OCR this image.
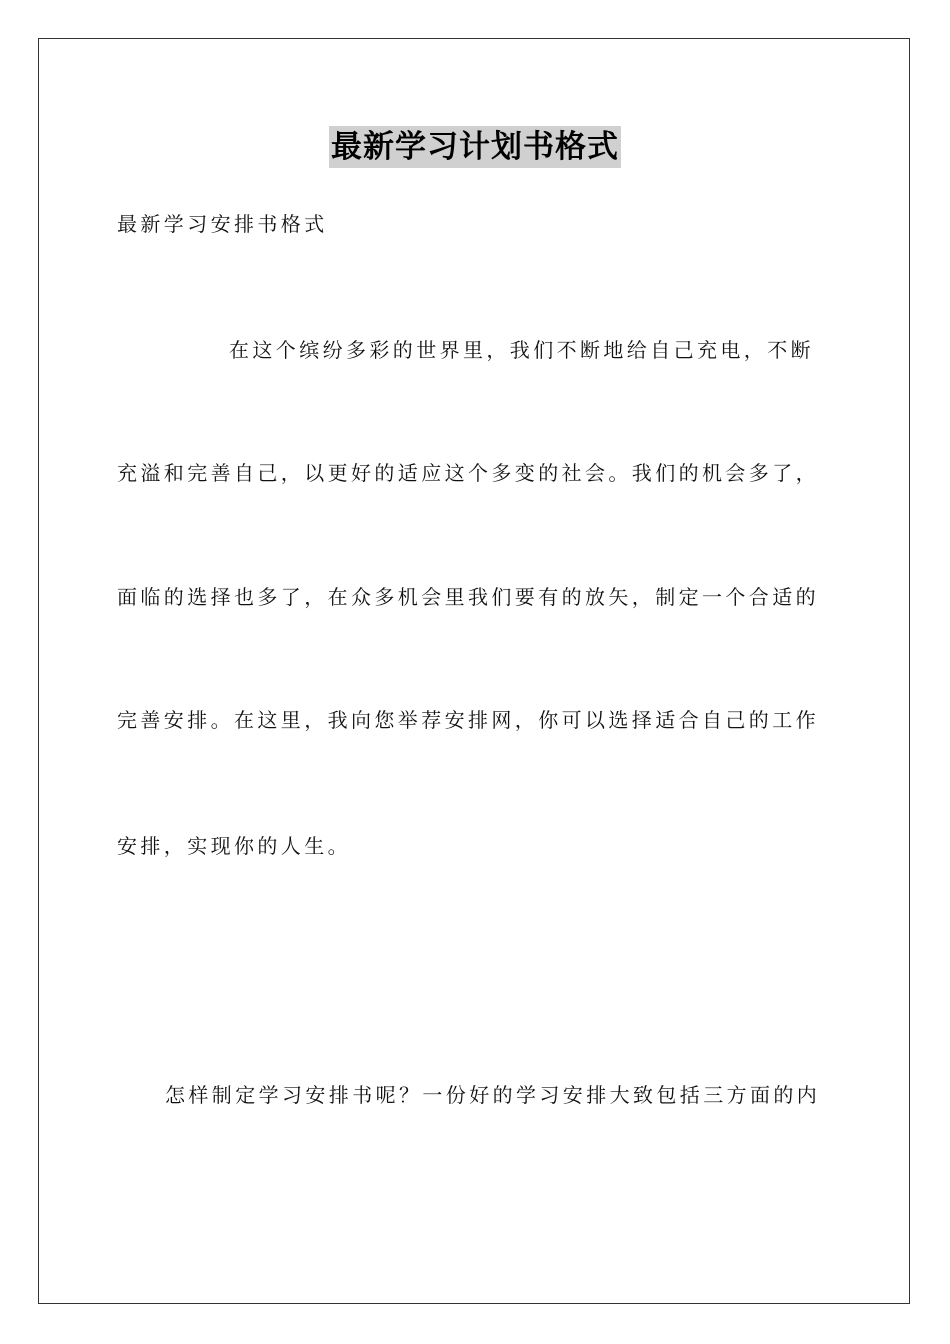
最新学习计划书格式
最新学习安排书格式
在这个缤纷多彩的世界里，我们不断地给自己充电，不断
充溢和完善自己，以更好的适应这个多变的社会。我们的机会多了，
面临的选择也多了，在众多机会里我们要有的放矢，制定一个合适的
完善安排。在这里，我向您举荐安排网，你可以选择适合自己的工作
安排，实现你的人生。
怎样制定学习安排书呢？一份好的学习安排大致包括三方面的内
